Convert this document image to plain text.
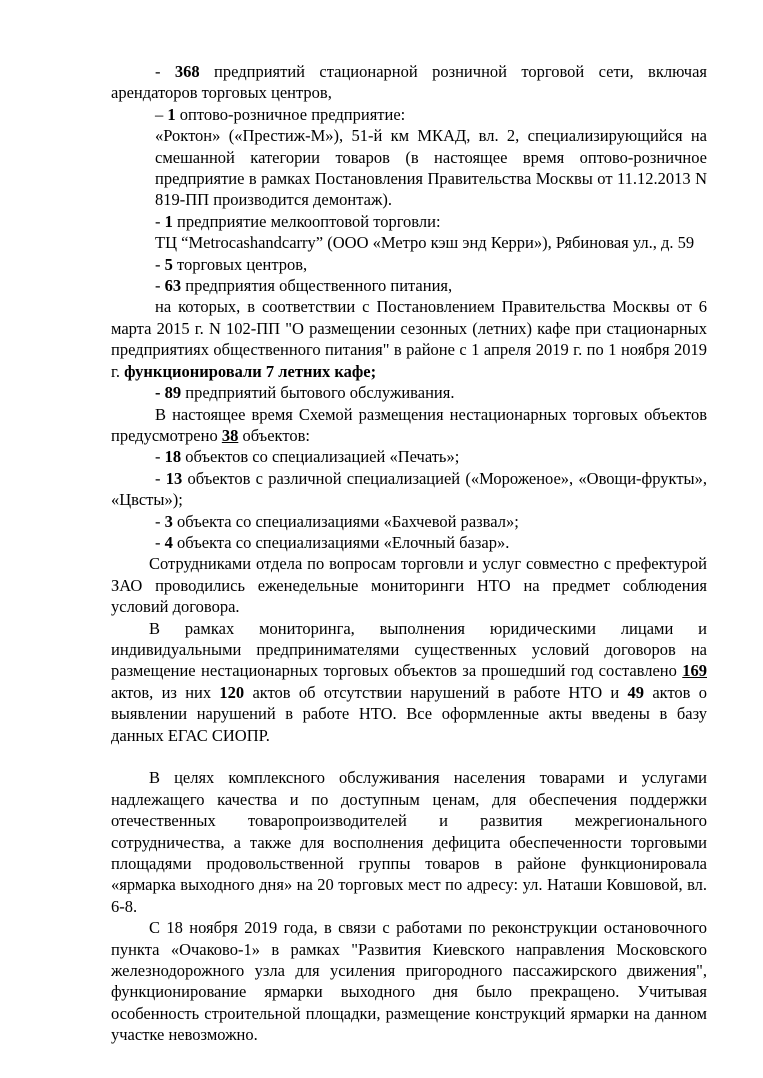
- 368 предприятий стационарной розничной торговой сети, включая арендаторов торговых центров,

– 1 оптово-розничное предприятие:

«Роктон» («Престиж-М»), 51-й км МКАД, вл. 2, специализирующийся на смешанной категории товаров (в настоящее время оптово-розничное предприятие в рамках Постановления Правительства Москвы от 11.12.2013 N 819-ПП производится демонтаж).

- 1 предприятие мелкооптовой торговли:

ТЦ “Metrocashandcarry” (ООО «Метро кэш энд Керри»), Рябиновая ул., д. 59

- 5 торговых центров,

- 63 предприятия общественного питания,

на которых, в соответствии с Постановлением Правительства Москвы от 6 марта 2015 г. N 102-ПП "О размещении сезонных (летних) кафе при стационарных предприятиях общественного питания" в районе с 1 апреля 2019 г. по 1 ноября 2019 г. функционировали 7 летних кафе;

- 89 предприятий бытового обслуживания.

В настоящее время Схемой размещения нестационарных торговых объектов предусмотрено 38 объектов:

- 18 объектов со специализацией «Печать»;

- 13 объектов с различной специализацией («Мороженое», «Овощи-фрукты», «Цвсты»);

- 3 объекта со специализациями «Бахчевой развал»;

- 4 объекта со специализациями «Елочный базар».

Сотрудниками отдела по вопросам торговли и услуг совместно с префектурой ЗАО проводились еженедельные мониторинги НТО на предмет соблюдения условий договора.

В рамках мониторинга, выполнения юридическими лицами и индивидуальными предпринимателями существенных условий договоров на размещение нестационарных торговых объектов за прошедший год составлено 169 актов, из них 120 актов об отсутствии нарушений в работе НТО и 49 актов о выявлении нарушений в работе НТО. Все оформленные акты введены в базу данных ЕГАС СИОПР.

В целях комплексного обслуживания населения товарами и услугами надлежащего качества и по доступным ценам, для обеспечения поддержки отечественных товаропроизводителей и развития межрегионального сотрудничества, а также для восполнения дефицита обеспеченности торговыми площадями продовольственной группы товаров в районе функционировала «ярмарка выходного дня» на 20 торговых мест по адресу: ул. Наташи Ковшовой, вл. 6-8.

С 18 ноября 2019 года, в связи с работами по реконструкции остановочного пункта «Очаково-1» в рамках "Развития Киевского направления Московского железнодорожного узла для усиления пригородного пассажирского движения", функционирование ярмарки выходного дня было прекращено. Учитывая особенность строительной площадки, размещение конструкций ярмарки на данном участке невозможно.
